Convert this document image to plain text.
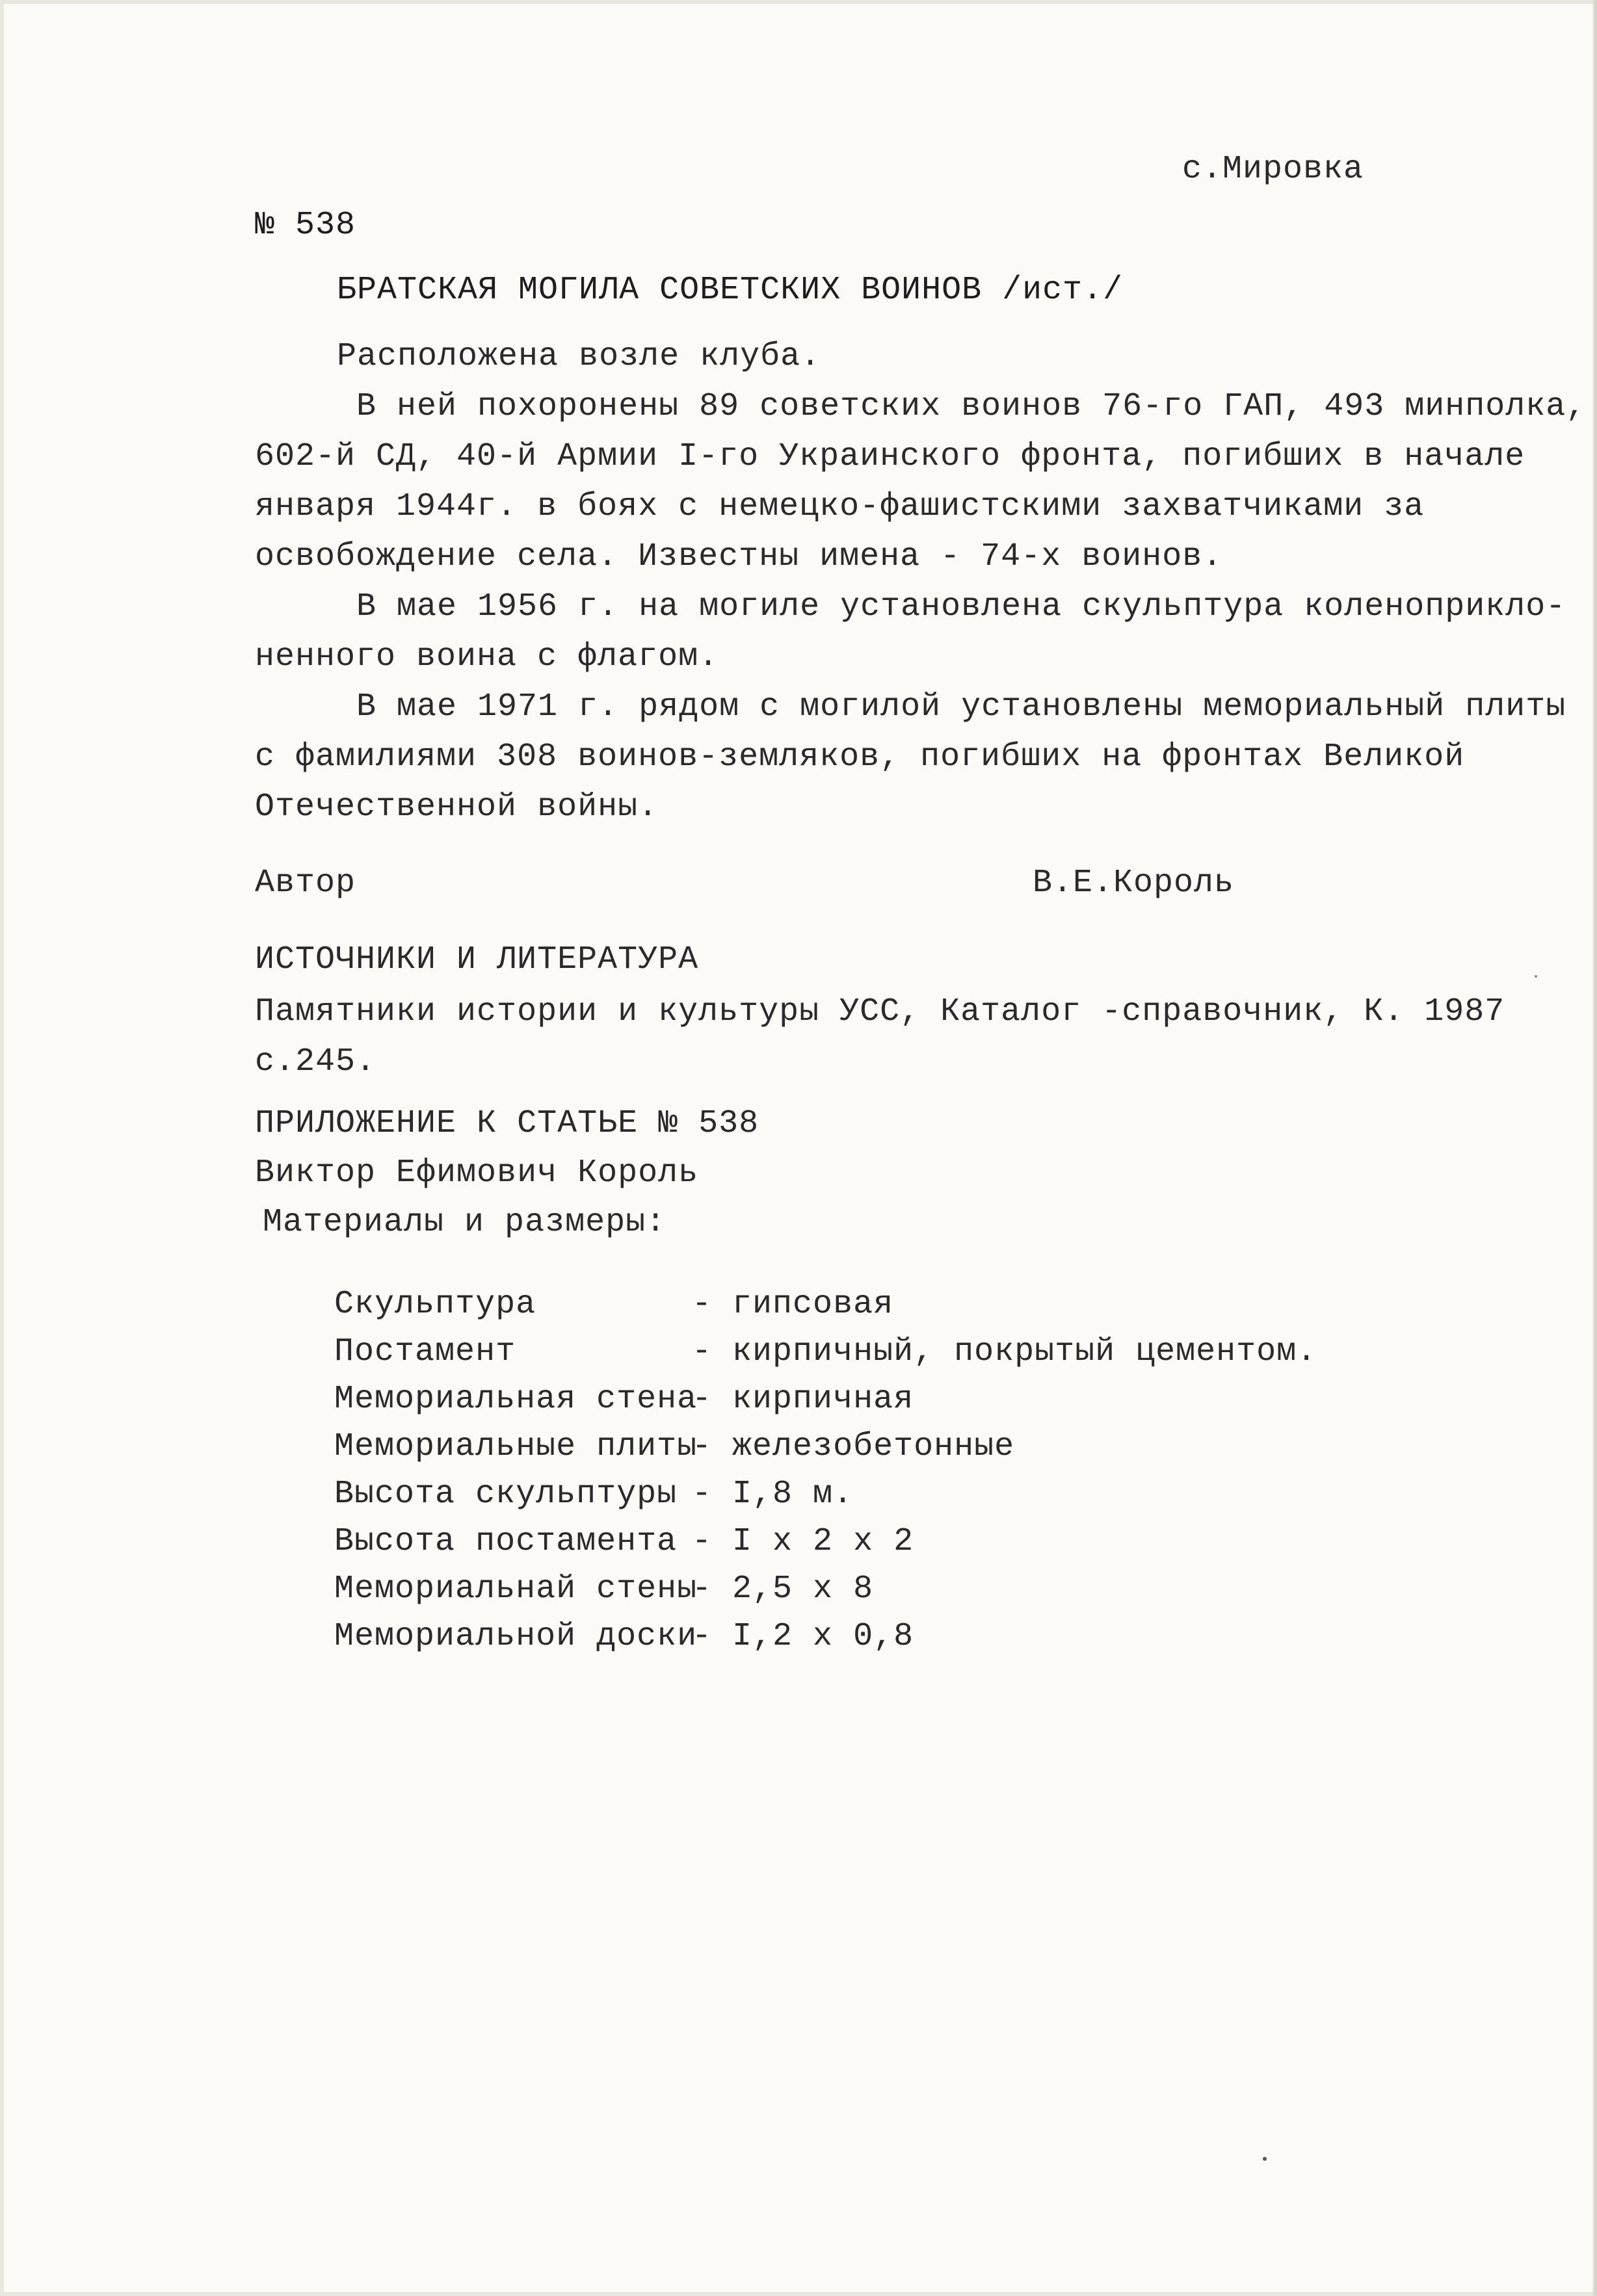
с.Мировка
№ 538
БРАТСКАЯ МОГИЛА СОВЕТСКИХ ВОИНОВ /ист./
Расположена возле клуба.
В ней похоронены 89 советских воинов 76-го ГАП, 493 минполка,
602-й СД, 40-й Армии I-го Украинского фронта, погибших в начале
января 1944г. в боях с немецко-фашистскими захватчиками за
освобождение села. Известны имена - 74-х воинов.
В мае 1956 г. на могиле установлена скульптура коленоприкло-
ненного воина с флагом.
В мае 1971 г. рядом с могилой установлены мемориальный плиты
с фамилиями 308 воинов-земляков, погибших на фронтах Великой
Отечественной войны.
Автор	В.Е.Король
ИСТОЧНИКИ И ЛИТЕРАТУРА
Памятники истории и культуры УСС, Каталог -справочник, К. 1987
с.245.
ПРИЛОЖЕНИЕ К СТАТЬЕ № 538
Виктор Ефимович Король
Материалы и размеры:

Скульптура	- гипсовая

Постамент	- кирпичный, покрытый цементом.

Мемориальная стена- кирпичная

Мемориальные плиты- железобетонные

Высота скульптуры - I,8 м.

Высота постамента - I x 2 x 2

Мемориальнай стены- 2,5 x 8

Мемориальной доски- I,2 x 0,8
